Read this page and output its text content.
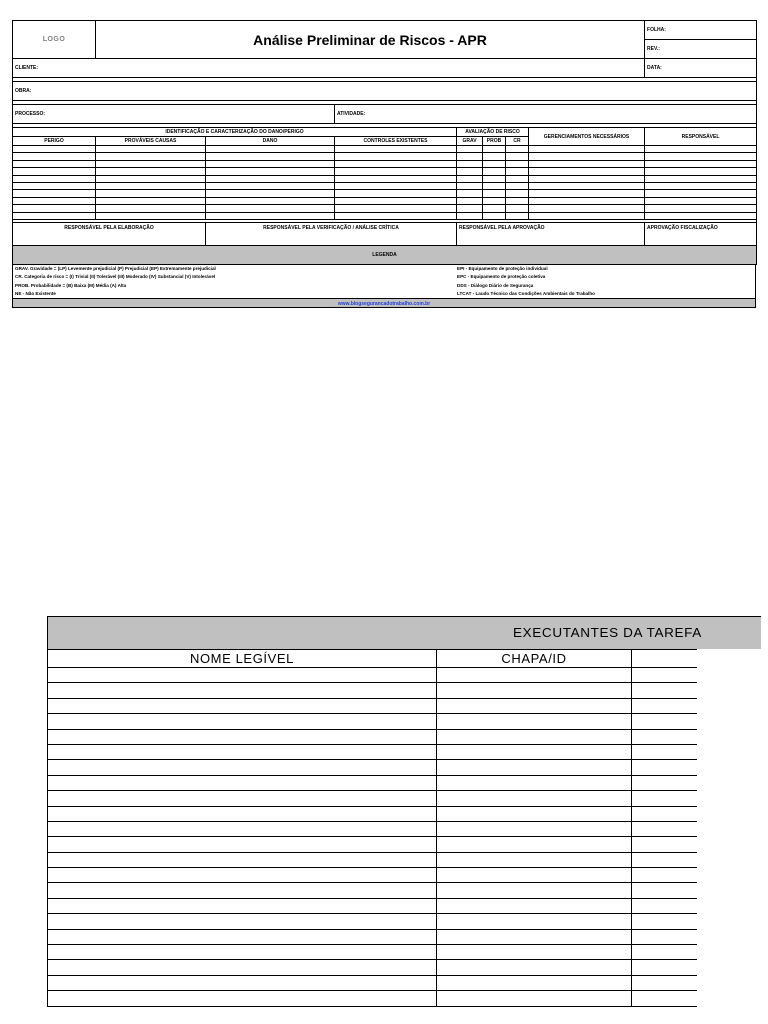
LOGO	Análise Preliminar de Riscos - APR							FOLHA:
								REV.:
CLIENTE:								DATA:

OBRA:								

PROCESSO:			ATIVIDADE:					

IDENTIFICAÇÃO E CARACTERIZAÇÃO DO DANO/PERIGO				AVALIAÇÃO DE RISCO			GERENCIAMENTOS NECESSÁRIOS	RESPONSÁVEL
PERIGO	PROVÁVEIS CAUSAS	DANO	CONTROLES EXISTENTES	GRAV	PROB	CR		

RESPONSÁVEL PELA ELABORAÇÃO		RESPONSÁVEL PELA VERIFICAÇÃO / ANÁLISE CRÍTICA		RESPONSÁVEL PELA APROVAÇÃO				APROVAÇÃO FISCALIZAÇÃO
LEGENDA								
GRAV. Gravidade = (LP) Levemente prejudicial (P) Prejudicial (EP) Extremamente prejudicial
CR. Categoria de risco = (I) Trivial (II) Tolerável (III) Moderado (IV) Substancial (V) Intolerável
PROB. Probabilidade = (B) Baixa (M) Média (A) Alta
NE - Não Existente
EPI - Equipamento de proteção individual
EPC - Equipamento de proteção coletiva
DDS - Diálogo Diário de Segurança
LTCAT - Laudo Técnico das Condições Ambientais do Trabalho
www.blogsegurancadotrabalho.com.br
EXECUTANTES DA TAREFA
NOME LEGÍVEL	CHAPA/ID	
